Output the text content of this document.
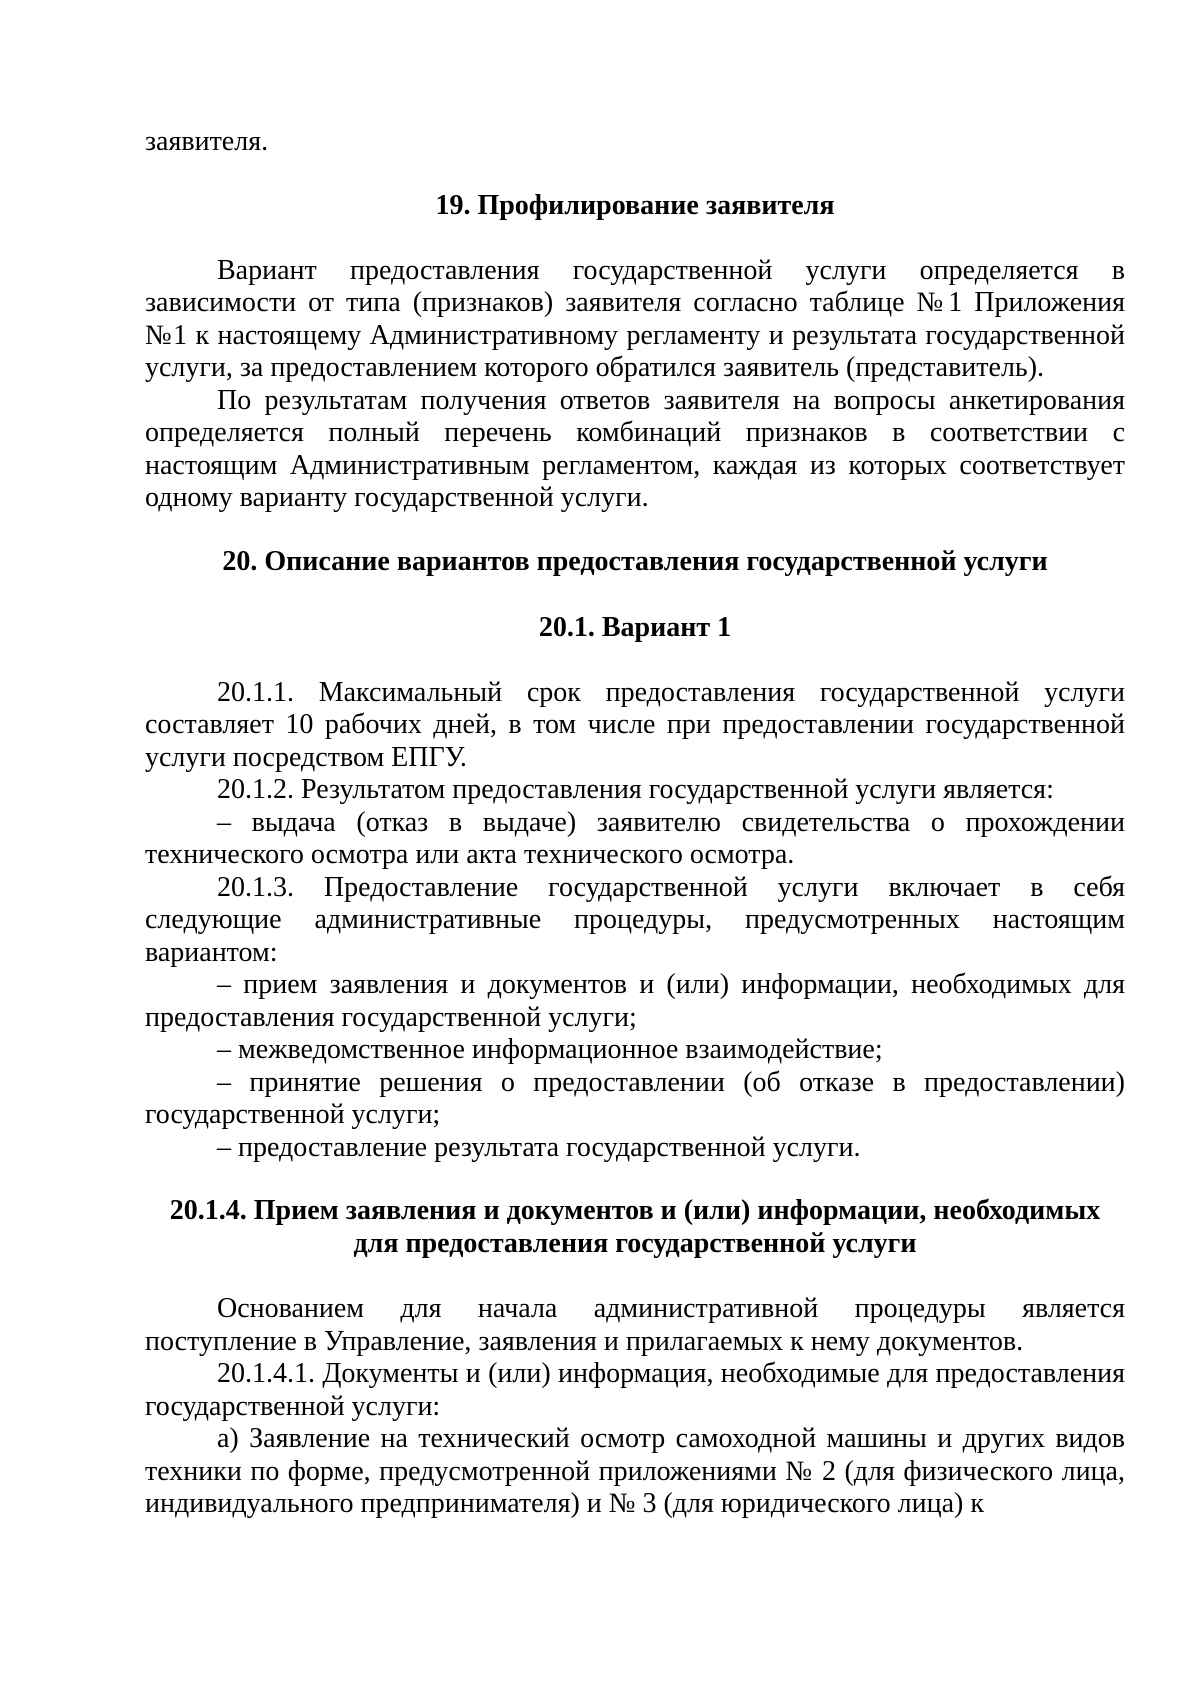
заявителя.

19. Профилирование заявителя

Вариант предоставления государственной услуги определяется в зависимости от типа (признаков) заявителя согласно таблице №1 Приложения №1 к настоящему Административному регламенту и результата государственной услуги, за предоставлением которого обратился заявитель (представитель).

По результатам получения ответов заявителя на вопросы анкетирования определяется полный перечень комбинаций признаков в соответствии с настоящим Административным регламентом, каждая из которых соответствует одному варианту государственной услуги.

20. Описание вариантов предоставления государственной услуги

20.1. Вариант 1

20.1.1. Максимальный срок предоставления государственной услуги составляет 10 рабочих дней, в том числе при предоставлении государственной услуги посредством ЕПГУ.

20.1.2. Результатом предоставления государственной услуги является:

– выдача (отказ в выдаче) заявителю свидетельства о прохождении технического осмотра или акта технического осмотра.

20.1.3. Предоставление государственной услуги включает в себя следующие административные процедуры, предусмотренных настоящим вариантом:

– прием заявления и документов и (или) информации, необходимых для предоставления государственной услуги;

– межведомственное информационное взаимодействие;

– принятие решения о предоставлении (об отказе в предоставлении) государственной услуги;

– предоставление результата государственной услуги.

20.1.4. Прием заявления и документов и (или) информации, необходимых

для предоставления государственной услуги

Основанием для начала административной процедуры является поступление в Управление, заявления и прилагаемых к нему документов.

20.1.4.1. Документы и (или) информация, необходимые для предоставления государственной услуги:

а) Заявление на технический осмотр самоходной машины и других видов техники по форме, предусмотренной приложениями № 2 (для физического лица, индивидуального предпринимателя) и № 3 (для юридического лица) к
